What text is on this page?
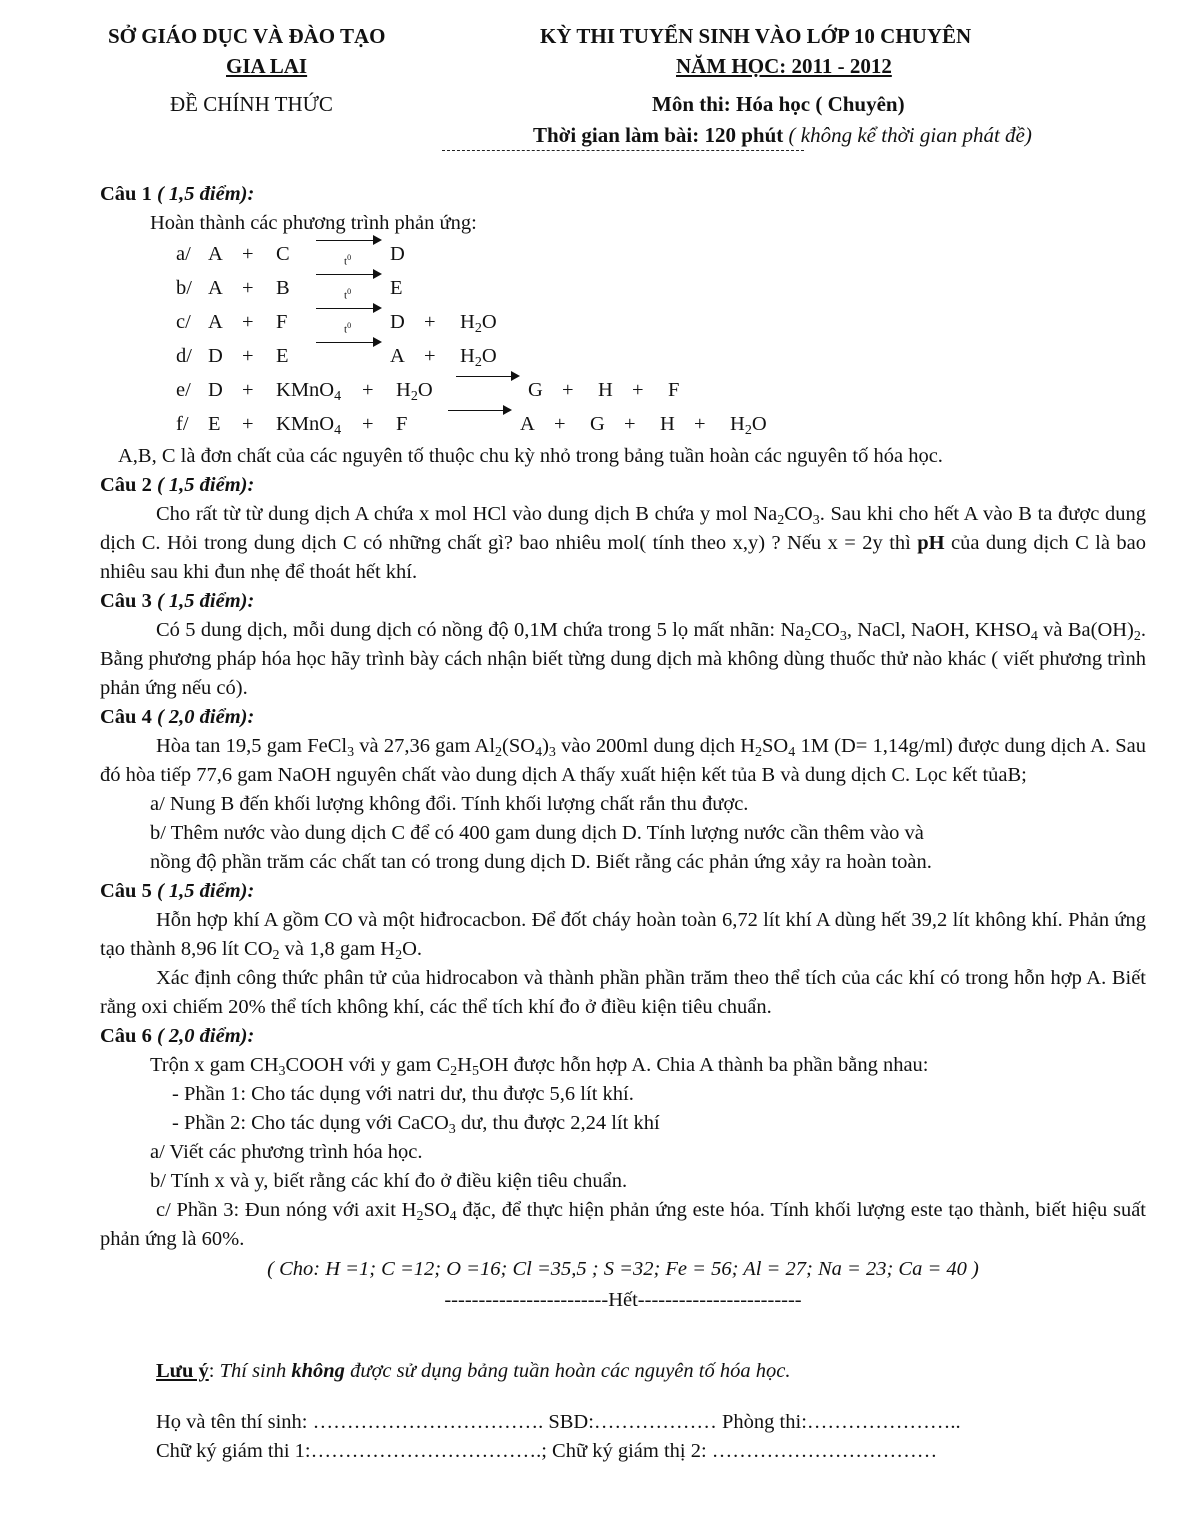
SỞ GIÁO DỤC VÀ ĐÀO TẠO
GIA LAI
ĐỀ CHÍNH THỨC
KỲ THI TUYỂN SINH VÀO LỚP 10 CHUYÊN
NĂM HỌC: 2011 - 2012
Môn thi: Hóa học ( Chuyên)
Thời gian làm bài: 120 phút ( không kể thời gian phát đề)

Câu 1 ( 1,5 điểm):

Hoàn thành các phương trình phản ứng:

a/ A + C	$t^0$ D
b/ A + B	$t^0$ E
c/ A + F	$t^0$ $D + H_2O$
d/ D + E	$A + H_2O$
e/ D + KMnO$_4$ + $H_2O$	G + H + F
f/ E + KMnO$_4$ + F	$A + G + H + H_2O$

A,B, C là đơn chất của các nguyên tố thuộc chu kỳ nhỏ trong bảng tuần hoàn các nguyên tố hóa học.

Câu 2 ( 1,5 điểm):

Cho rất từ từ dung dịch A chứa x mol HCl vào dung dịch B chứa y mol $Na_2CO_3$. Sau khi cho hết A vào B ta được dung dịch C. Hỏi trong dung dịch C có những chất gì? bao nhiêu mol( tính theo x,y) ? Nếu x = 2y thì pH của dung dịch C là bao nhiêu sau khi đun nhẹ để thoát hết khí.

Câu 3 ( 1,5 điểm):

Có 5 dung dịch, mỗi dung dịch có nồng độ 0,1M chứa trong 5 lọ mất nhãn: $Na_2CO_3$, NaCl, NaOH, $KHSO_4$ và $Ba(OH)_2$. Bằng phương pháp hóa học hãy trình bày cách nhận biết từng dung dịch mà không dùng thuốc thử nào khác ( viết phương trình phản ứng nếu có).

Câu 4 ( 2,0 điểm):

Hòa tan 19,5 gam FeCl$_3$ và 27,36 gam $Al_2(SO_4)_3$ vào 200ml dung dịch $H_2SO_4$ 1M (D= 1,14g/ml) được dung dịch A. Sau đó hòa tiếp 77,6 gam NaOH nguyên chất vào dung dịch A thấy xuất hiện kết tủa B và dung dịch C. Lọc kết tủaB;

a/ Nung B đến khối lượng không đổi. Tính khối lượng chất rắn thu được.

b/ Thêm nước vào dung dịch C để có 400 gam dung dịch D. Tính lượng nước cần thêm vào và

nồng độ phần trăm các chất tan có trong dung dịch D. Biết rằng các phản ứng xảy ra hoàn toàn.

Câu 5 ( 1,5 điểm):

Hỗn hợp khí A gồm CO và một hiđrocacbon. Để đốt cháy hoàn toàn 6,72 lít khí A dùng hết 39,2 lít không khí. Phản ứng tạo thành 8,96 lít $CO_2$ và 1,8 gam $H_2O$.

Xác định công thức phân tử của hidrocabon và thành phần phần trăm theo thể tích của các khí có trong hỗn hợp A. Biết rằng oxi chiếm 20% thể tích không khí, các thể tích khí đo ở điều kiện tiêu chuẩn.

Câu 6 ( 2,0 điểm):

Trộn x gam $CH_3COOH$ với y gam $C_2H_5OH$ được hỗn hợp A. Chia A thành ba phần bằng nhau:

- Phần 1: Cho tác dụng với natri dư, thu được 5,6 lít khí.

- Phần 2: Cho tác dụng với CaCO$_3$ dư, thu được 2,24 lít khí

a/ Viết các phương trình hóa học.

b/ Tính x và y, biết rằng các khí đo ở điều kiện tiêu chuẩn.

c/ Phần 3: Đun nóng với axit $H_2SO_4$ đặc, để thực hiện phản ứng este hóa. Tính khối lượng este tạo thành, biết hiệu suất phản ứng là 60%.

( Cho: H =1; C =12; O =16; Cl =35,5 ; S =32; Fe = 56; Al = 27; Na = 23; Ca = 40 )

------------------------Hết------------------------

Lưu ý: Thí sinh không được sử dụng bảng tuần hoàn các nguyên tố hóa học.

Họ và tên thí sinh: ……………………………. SBD:……………… Phòng thi:…………………..

Chữ ký giám thi 1:…………………………….; Chữ ký giám thị 2: ……………………………
